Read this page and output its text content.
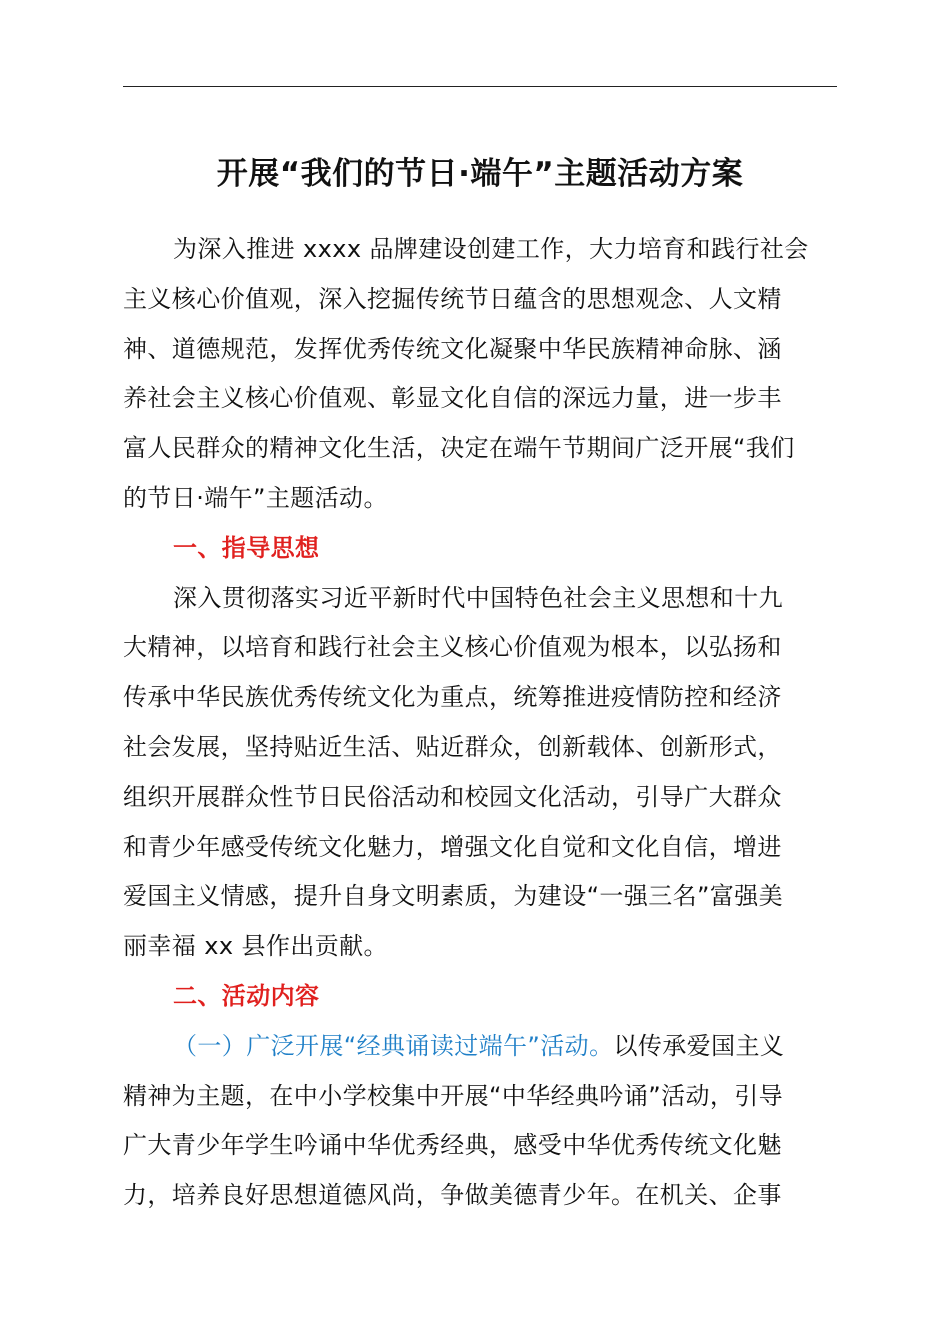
开展“我们的节日·端午”主题活动方案
为深入推进 xxxx 品牌建设创建工作，大力培育和践行社会
主义核心价值观，深入挖掘传统节日蕴含的思想观念、人文精
神、道德规范，发挥优秀传统文化凝聚中华民族精神命脉、涵
养社会主义核心价值观、彰显文化自信的深远力量，进一步丰
富人民群众的精神文化生活，决定在端午节期间广泛开展“我们
的节日·端午”主题活动。
一、指导思想
深入贯彻落实习近平新时代中国特色社会主义思想和十九
大精神，以培育和践行社会主义核心价值观为根本，以弘扬和
传承中华民族优秀传统文化为重点，统筹推进疫情防控和经济
社会发展，坚持贴近生活、贴近群众，创新载体、创新形式，
组织开展群众性节日民俗活动和校园文化活动，引导广大群众
和青少年感受传统文化魅力，增强文化自觉和文化自信，增进
爱国主义情感，提升自身文明素质，为建设“一强三名”富强美
丽幸福 xx 县作出贡献。
二、活动内容
（一）广泛开展“经典诵读过端午”活动。以传承爱国主义
精神为主题，在中小学校集中开展“中华经典吟诵”活动，引导
广大青少年学生吟诵中华优秀经典，感受中华优秀传统文化魅
力，培养良好思想道德风尚，争做美德青少年。在机关、企事
